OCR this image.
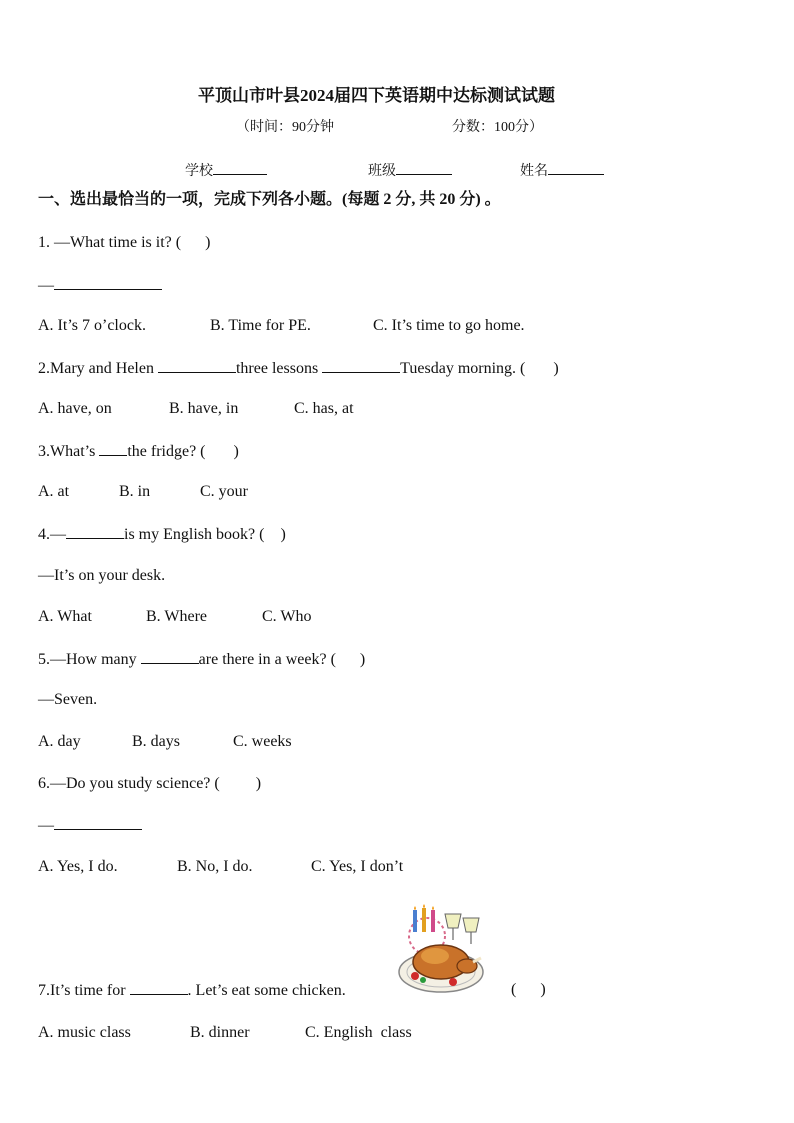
平顶山市叶县2024届四下英语期中达标测试试题
（时间：90分钟	分数：100分）
学校	班级	姓名
一、选出最恰当的一项，完成下列各小题。(每题 2 分, 共 20 分) 。
1. —What time is it? (      )
—
A. It’s 7 o’clock.	B. Time for PE.	C. It’s time to go home.
2.Mary and Helen	three lessons	Tuesday morning. (       )
A. have, on	B. have, in	C. has, at
3.What’s the fridge? (       )
A. at	B. in	C. your
4.—	is my English book? (    )
—It’s on your desk.
A. What	B. Where	C. Who
5.—How many	are there in a week? (      )
—Seven.
A. day	B. days	C. weeks
6.—Do you study science? (         )
—
A. Yes, I do.	B. No, I do.	C. Yes, I don’t
7.It’s time for	. Let’s eat some chicken.	(      )
A. music class	B. dinner	C. English  class
